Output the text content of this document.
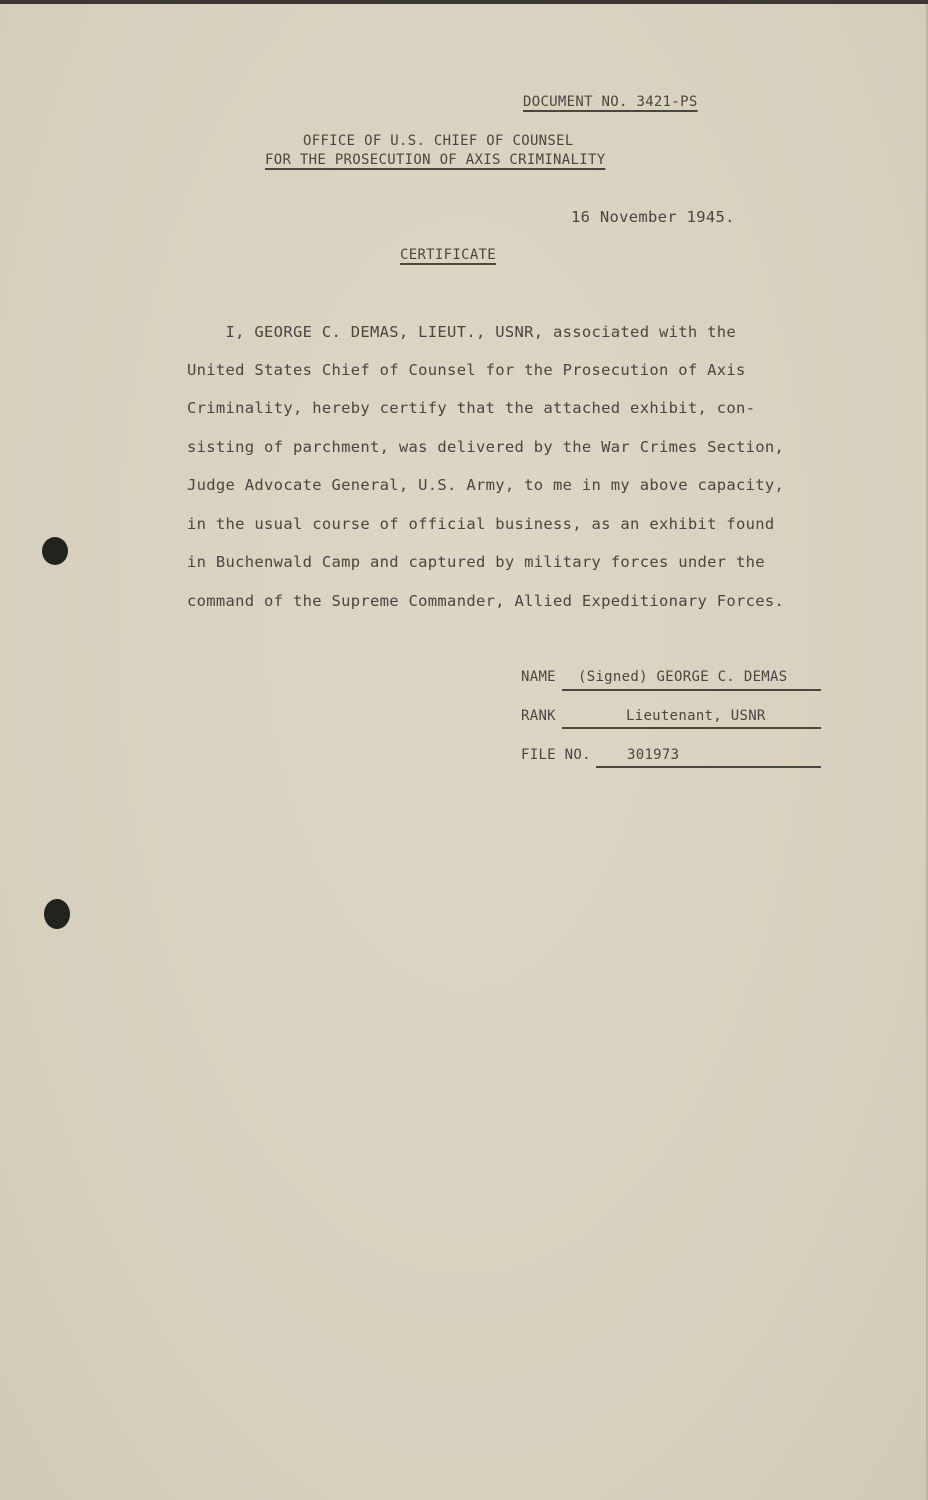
DOCUMENT NO. 3421-PS
OFFICE OF U.S. CHIEF OF COUNSEL
FOR THE PROSECUTION OF AXIS CRIMINALITY
16 November 1945.
CERTIFICATE
I, GEORGE C. DEMAS, LIEUT., USNR, associated with the
United States Chief of Counsel for the Prosecution of Axis
Criminality, hereby certify that the attached exhibit, con-
sisting of parchment, was delivered by the War Crimes Section,
Judge Advocate General, U.S. Army, to me in my above capacity,
in the usual course of official business, as an exhibit found
in Buchenwald Camp and captured by military forces under the
command of the Supreme Commander, Allied Expeditionary Forces.
NAME (Signed) GEORGE C. DEMAS
RANK	Lieutenant, USNR
FILE NO.	301973
